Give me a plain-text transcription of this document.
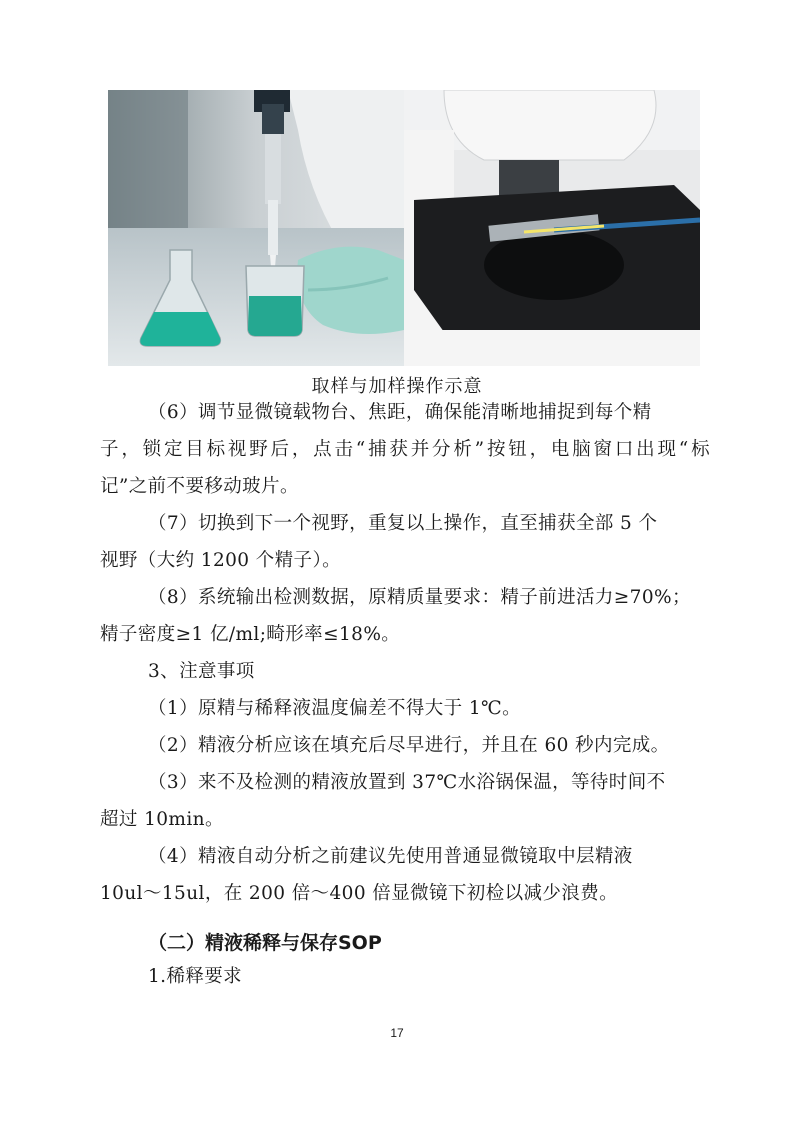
取样与加样操作示意
（6）调节显微镜载物台、焦距，确保能清晰地捕捉到每个精
子，锁定目标视野后，点击“捕获并分析”按钮，电脑窗口出现“标
记”之前不要移动玻片。
（7）切换到下一个视野，重复以上操作，直至捕获全部 5 个
视野（大约 1200 个精子）。
（8）系统输出检测数据，原精质量要求：精子前进活力≥70%；
精子密度≥1 亿/ml;畸形率≤18%。
3、注意事项
（1）原精与稀释液温度偏差不得大于 1℃。
（2）精液分析应该在填充后尽早进行，并且在 60 秒内完成。
（3）来不及检测的精液放置到 37℃水浴锅保温，等待时间不
超过 10min。
（4）精液自动分析之前建议先使用普通显微镜取中层精液
10ul～15ul，在 200 倍～400 倍显微镜下初检以减少浪费。
（二）精液稀释与保存SOP
1.稀释要求
17
